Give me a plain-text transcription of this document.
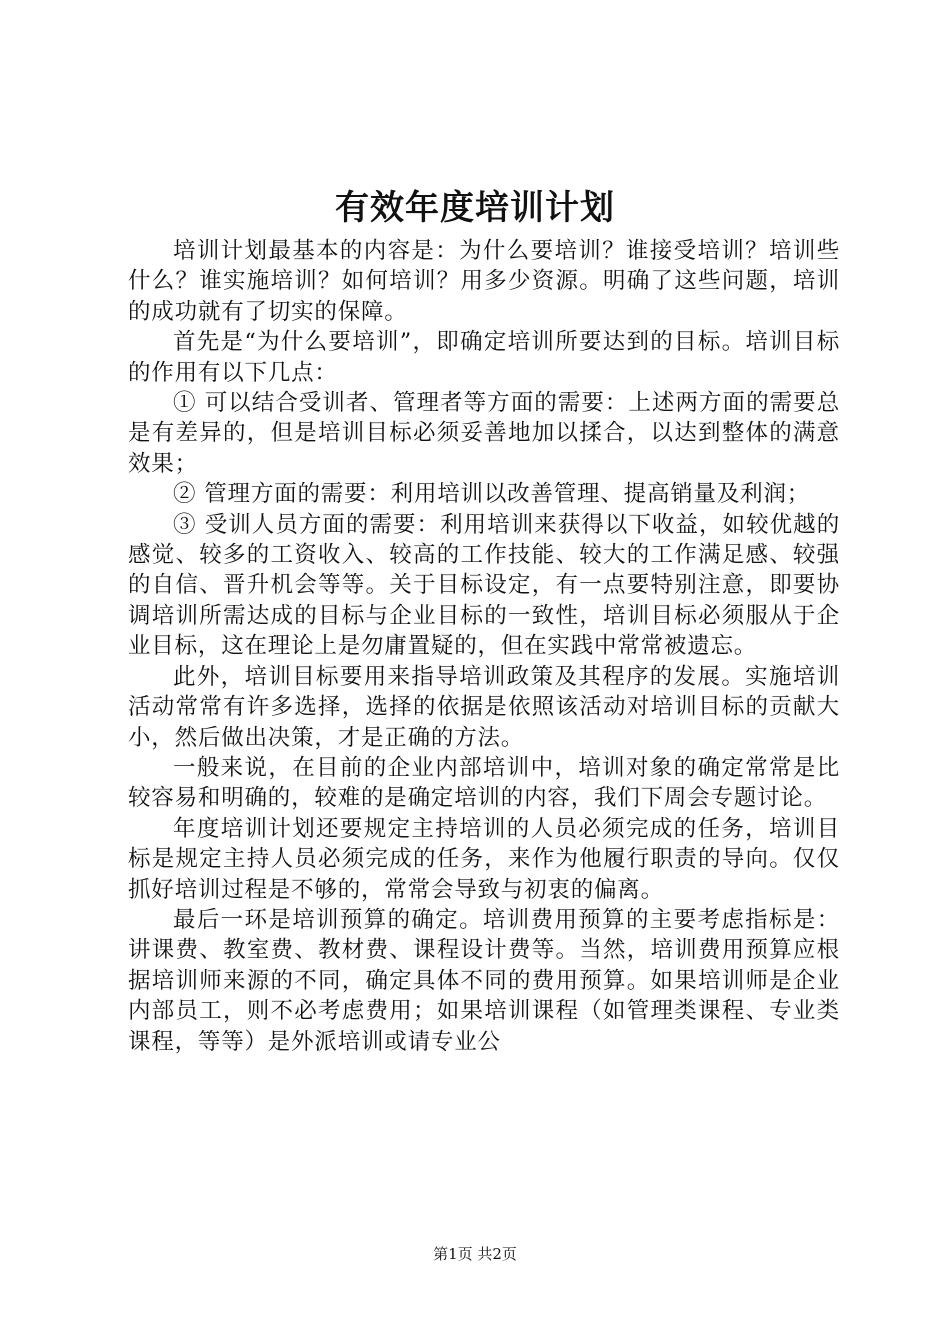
有效年度培训计划

培训计划最基本的内容是：为什么要培训？谁接受培训？培训些什么？谁实施培训？如何培训？用多少资源。明确了这些问题，培训的成功就有了切实的保障。

首先是“为什么要培训”，即确定培训所要达到的目标。培训目标的作用有以下几点：

① 可以结合受训者、管理者等方面的需要：上述两方面的需要总是有差异的，但是培训目标必须妥善地加以揉合，以达到整体的满意效果；

② 管理方面的需要：利用培训以改善管理、提高销量及利润；

③ 受训人员方面的需要：利用培训来获得以下收益，如较优越的感觉、较多的工资收入、较高的工作技能、较大的工作满足感、较强的自信、晋升机会等等。关于目标设定，有一点要特别注意，即要协调培训所需达成的目标与企业目标的一致性，培训目标必须服从于企业目标，这在理论上是勿庸置疑的，但在实践中常常被遗忘。

此外，培训目标要用来指导培训政策及其程序的发展。实施培训活动常常有许多选择，选择的依据是依照该活动对培训目标的贡献大小，然后做出决策，才是正确的方法。

一般来说，在目前的企业内部培训中，培训对象的确定常常是比较容易和明确的，较难的是确定培训的内容，我们下周会专题讨论。

年度培训计划还要规定主持培训的人员必须完成的任务，培训目标是规定主持人员必须完成的任务，来作为他履行职责的导向。仅仅抓好培训过程是不够的，常常会导致与初衷的偏离。

最后一环是培训预算的确定。培训费用预算的主要考虑指标是：讲课费、教室费、教材费、课程设计费等。当然，培训费用预算应根据培训师来源的不同，确定具体不同的费用预算。如果培训师是企业内部员工，则不必考虑费用；如果培训课程（如管理类课程、专业类课程，等等）是外派培训或请专业公

第1页 共2页
